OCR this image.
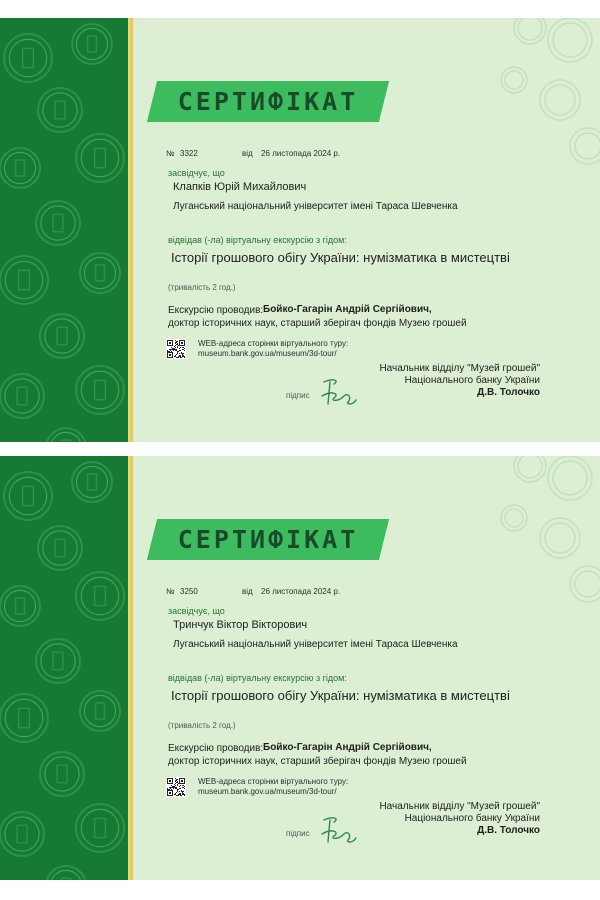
СЕРТИФІКАТ
№ 3322	від 26 листопада 2024 р.
засвідчує, що
Клапків Юрій Михайлович
Луганський національний університет імені Тараса Шевченка
відвідав (-ла) віртуальну екскурсію з гідом:
Історії грошового обігу України: нумізматика в мистецтві
(тривалість 2 год.)
Екскурсію проводив: Бойко-Гагарін Андрій Сергійович,
доктор історичних наук, старший зберігач фондів Музею грошей
WEB-адреса сторінки віртуального туру:
museum.bank.gov.ua/museum/3d-tour/
Начальник відділу "Музей грошей"
Національного банку України
підпис	Д.В. Толочко
СЕРТИФІКАТ
№ 3250	від 26 листопада 2024 р.
засвідчує, що
Тринчук Віктор Вікторович
Луганський національний університет імені Тараса Шевченка
відвідав (-ла) віртуальну екскурсію з гідом:
Історії грошового обігу України: нумізматика в мистецтві
(тривалість 2 год.)
Екскурсію проводив: Бойко-Гагарін Андрій Сергійович,
доктор історичних наук, старший зберігач фондів Музею грошей
WEB-адреса сторінки віртуального туру:
museum.bank.gov.ua/museum/3d-tour/
Начальник відділу "Музей грошей"
Національного банку України
підпис	Д.В. Толочко
